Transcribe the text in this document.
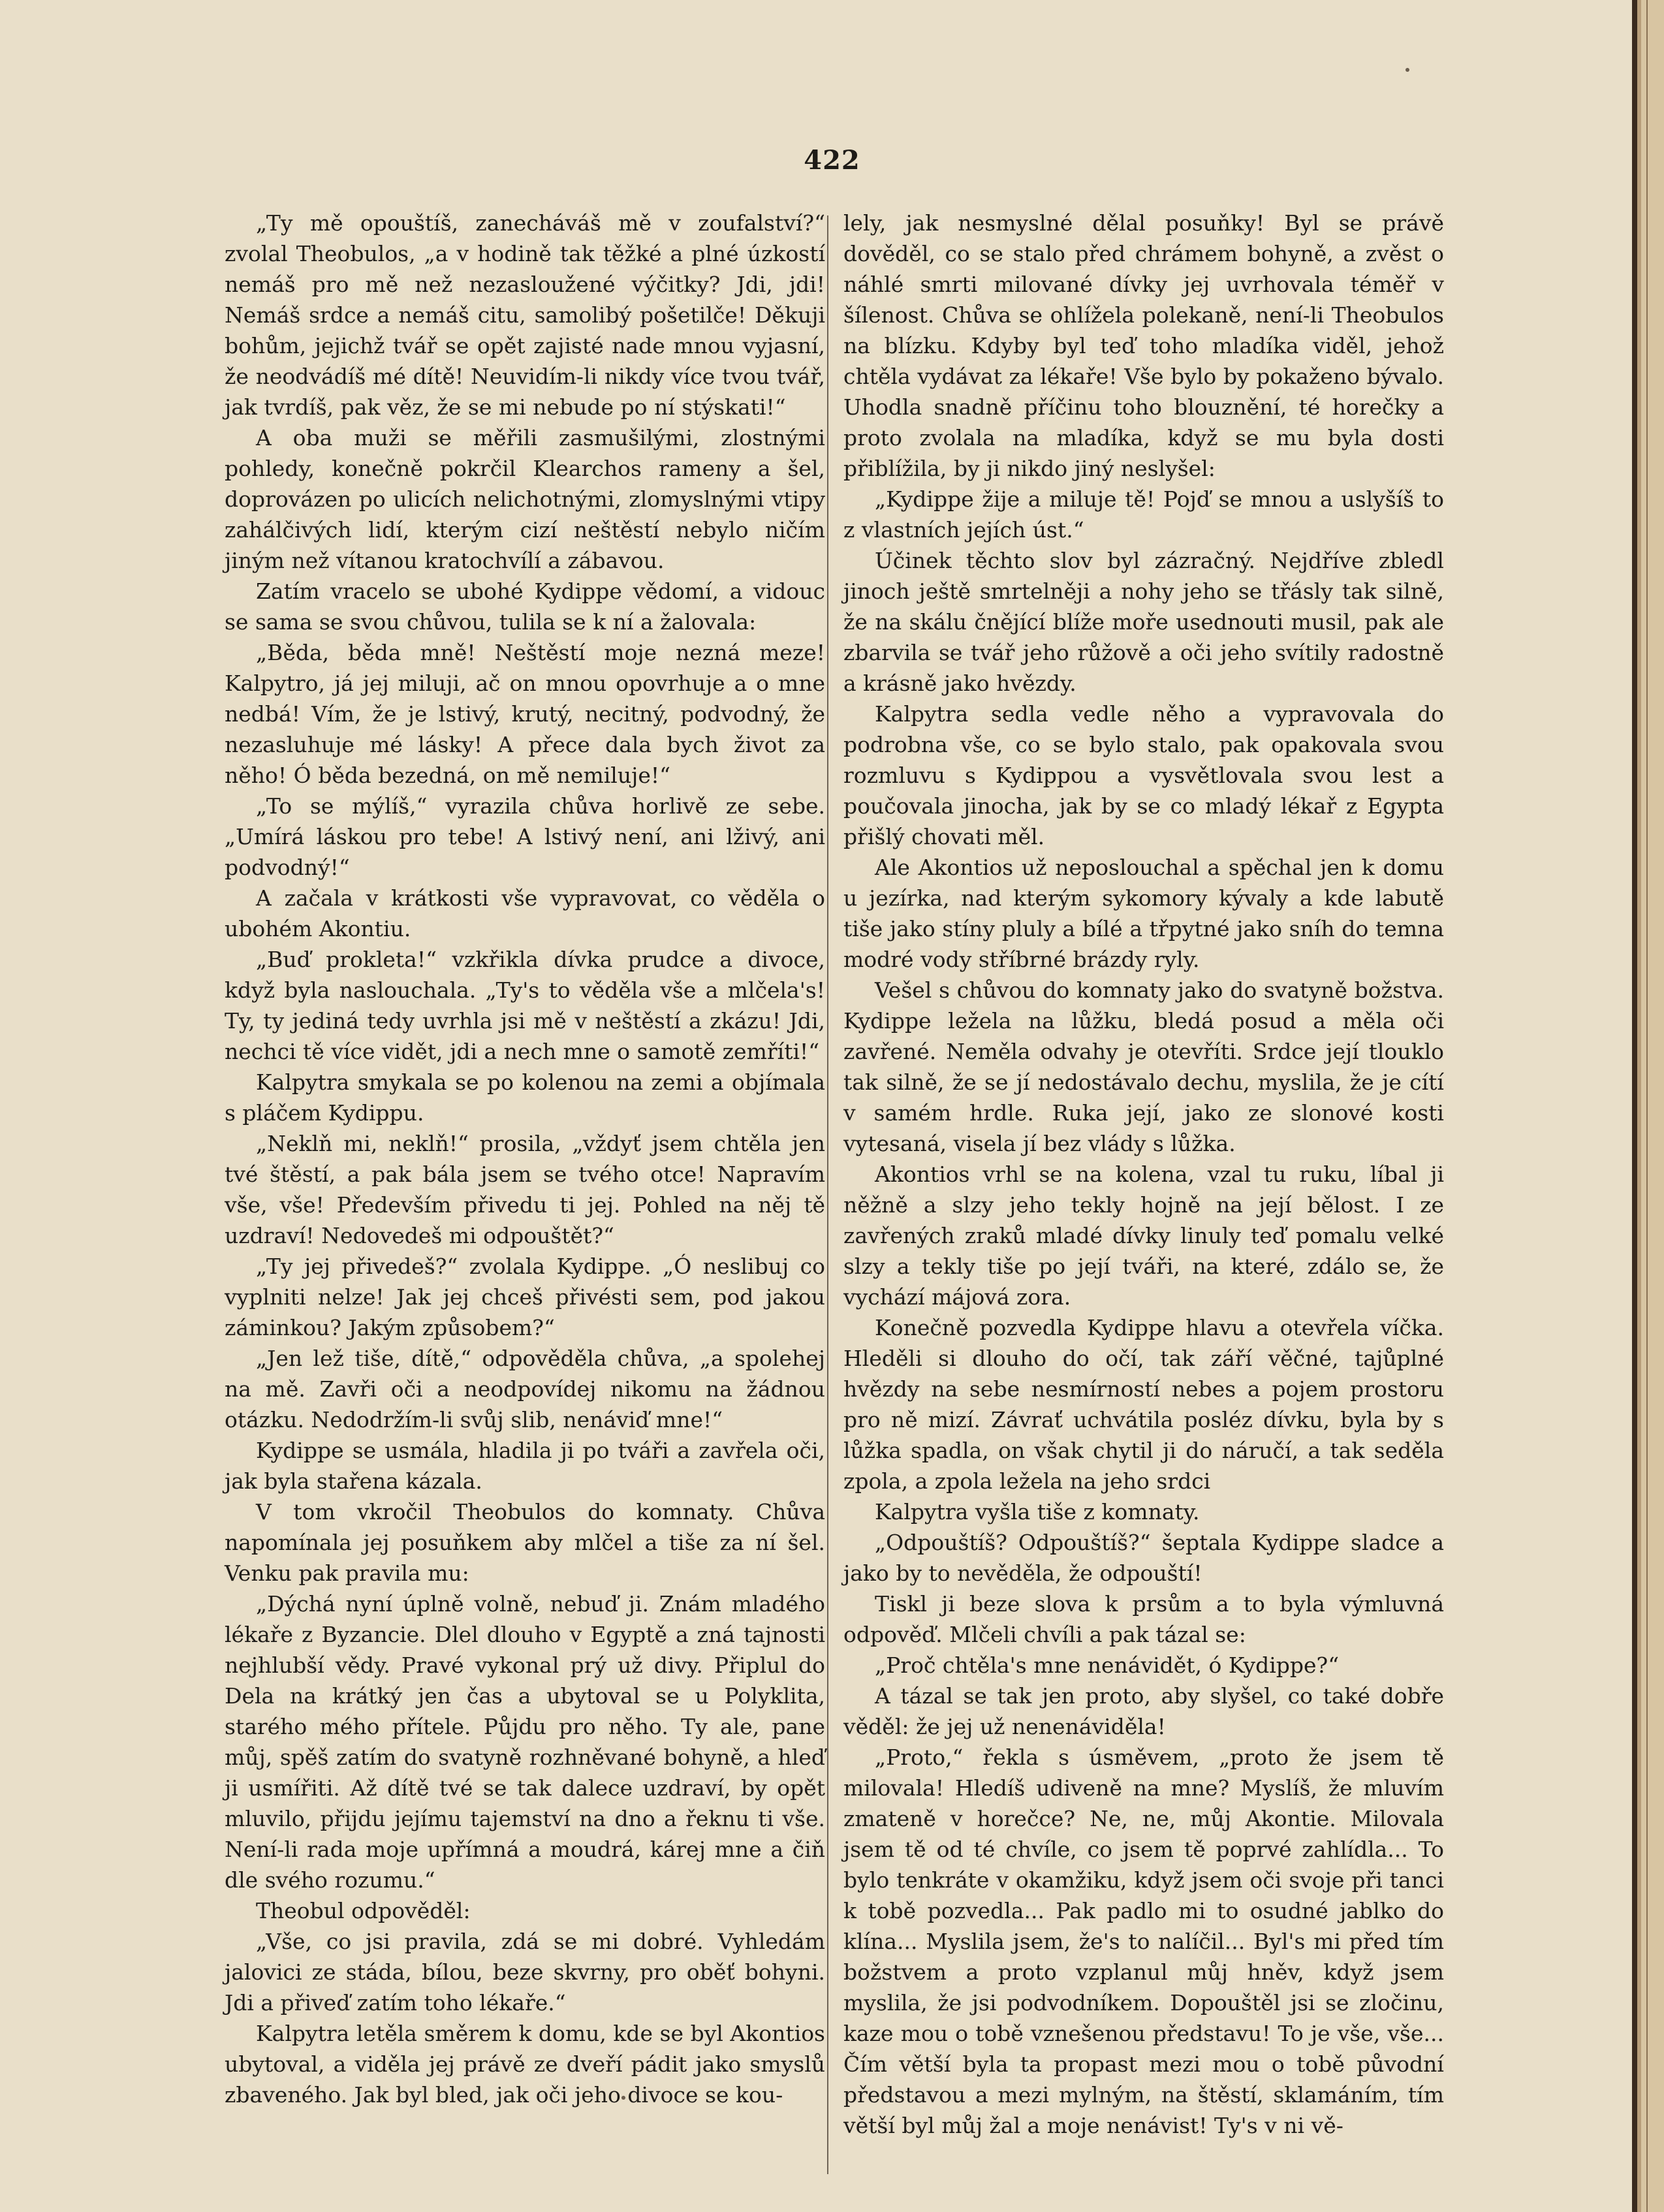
422

„Ty mě opouštíš, zanecháváš mě v zoufalství?“ zvolal Theobulos, „a v hodině tak těžké a plné úzkostí nemáš pro mě než nezasloužené výčitky? Jdi, jdi! Nemáš srdce a nemáš citu, samolibý pošetilče! Děkuji bohům, jejichž tvář se opět zajisté nade mnou vyjasní, že neodvádíš mé dítě! Neuvidím-li nikdy více tvou tvář, jak tvrdíš, pak věz, že se mi nebude po ní stýskati!“

A oba muži se měřili zasmušilými, zlostnými pohledy, konečně pokrčil Klearchos rameny a šel, doprovázen po ulicích nelichotnými, zlomyslnými vtipy zahálčivých lidí, kterým cizí neštěstí nebylo ničím jiným než vítanou kratochvílí a zábavou.

Zatím vracelo se ubohé Kydippe vědomí, a vidouc se sama se svou chůvou, tulila se k ní a žalovala:

„Běda, běda mně! Neštěstí moje nezná meze! Kalpytro, já jej miluji, ač on mnou opovrhuje a o mne nedbá! Vím, že je lstivý, krutý, necitný, podvodný, že nezasluhuje mé lásky! A přece dala bych život za něho! Ó běda bezedná, on mě nemiluje!“

„To se mýlíš,“ vyrazila chůva horlivě ze sebe. „Umírá láskou pro tebe! A lstivý není, ani lživý, ani podvodný!“

A začala v krátkosti vše vypravovat, co věděla o ubohém Akontiu.

„Buď prokleta!“ vzkřikla dívka prudce a divoce, když byla naslouchala. „Ty's to věděla vše a mlčela's! Ty, ty jediná tedy uvrhla jsi mě v neštěstí a zkázu! Jdi, nechci tě více vidět, jdi a nech mne o samotě zemříti!“

Kalpytra smykala se po kolenou na zemi a objímala s pláčem Kydippu.

„Neklň mi, neklň!“ prosila, „vždyť jsem chtěla jen tvé štěstí, a pak bála jsem se tvého otce! Napravím vše, vše! Především přivedu ti jej. Pohled na něj tě uzdraví! Nedovedeš mi odpouštět?“

„Ty jej přivedeš?“ zvolala Kydippe. „Ó neslibuj co vyplniti nelze! Jak jej chceš přivésti sem, pod jakou záminkou? Jakým způsobem?“

„Jen lež tiše, dítě,“ odpověděla chůva, „a spolehej na mě. Zavři oči a neodpovídej nikomu na žádnou otázku. Nedodržím-li svůj slib, nenáviď mne!“

Kydippe se usmála, hladila ji po tváři a zavřela oči, jak byla stařena kázala.

V tom vkročil Theobulos do komnaty. Chůva napomínala jej posuňkem aby mlčel a tiše za ní šel. Venku pak pravila mu:

„Dýchá nyní úplně volně, nebuď ji. Znám mladého lékaře z Byzancie. Dlel dlouho v Egyptě a zná tajnosti nejhlubší vědy. Pravé vykonal prý už divy. Připlul do Dela na krátký jen čas a ubytoval se u Polyklita, starého mého přítele. Půjdu pro něho. Ty ale, pane můj, spěš zatím do svatyně rozhněvané bohyně, a hleď ji usmířiti. Až dítě tvé se tak dalece uzdraví, by opět mluvilo, přijdu jejímu tajemství na dno a řeknu ti vše. Není-li rada moje upřímná a moudrá, kárej mne a čiň dle svého rozumu.“

Theobul odpověděl:

„Vše, co jsi pravila, zdá se mi dobré. Vyhledám jalovici ze stáda, bílou, beze skvrny, pro oběť bohyni. Jdi a přiveď zatím toho lékaře.“

Kalpytra letěla směrem k domu, kde se byl Akontios ubytoval, a viděla jej právě ze dveří pádit jako smyslů zbaveného. Jak byl bled, jak oči jeho divoce se kou-

lely, jak nesmyslné dělal posuňky! Byl se právě dověděl, co se stalo před chrámem bohyně, a zvěst o náhlé smrti milované dívky jej uvrhovala téměř v šílenost. Chůva se ohlížela polekaně, není-li Theobulos na blízku. Kdyby byl teď toho mladíka viděl, jehož chtěla vydávat za lékaře! Vše bylo by pokaženo bývalo. Uhodla snadně příčinu toho blouznění, té horečky a proto zvolala na mladíka, když se mu byla dosti přiblížila, by ji nikdo jiný neslyšel:

„Kydippe žije a miluje tě! Pojď se mnou a uslyšíš to z vlastních jejích úst.“

Účinek těchto slov byl zázračný. Nejdříve zbledl jinoch ještě smrtelněji a nohy jeho se třásly tak silně, že na skálu čnějící blíže moře usednouti musil, pak ale zbarvila se tvář jeho růžově a oči jeho svítily radostně a krásně jako hvězdy.

Kalpytra sedla vedle něho a vypravovala do podrobna vše, co se bylo stalo, pak opakovala svou rozmluvu s Kydippou a vysvětlovala svou lest a poučovala jinocha, jak by se co mladý lékař z Egypta přišlý chovati měl.

Ale Akontios už neposlouchal a spěchal jen k domu u jezírka, nad kterým sykomory kývaly a kde labutě tiše jako stíny pluly a bílé a třpytné jako sníh do temna modré vody stříbrné brázdy ryly.

Vešel s chůvou do komnaty jako do svatyně božstva. Kydippe ležela na lůžku, bledá posud a měla oči zavřené. Neměla odvahy je otevříti. Srdce její tlouklo tak silně, že se jí nedostávalo dechu, myslila, že je cítí v samém hrdle. Ruka její, jako ze slonové kosti vytesaná, visela jí bez vlády s lůžka.

Akontios vrhl se na kolena, vzal tu ruku, líbal ji něžně a slzy jeho tekly hojně na její bělost. I ze zavřených zraků mladé dívky linuly teď pomalu velké slzy a tekly tiše po její tváři, na které, zdálo se, že vychází májová zora.

Konečně pozvedla Kydippe hlavu a otevřela víčka. Hleděli si dlouho do očí, tak září věčné, tajůplné hvězdy na sebe nesmírností nebes a pojem prostoru pro ně mizí. Závrať uchvátila posléz dívku, byla by s lůžka spadla, on však chytil ji do náručí, a tak seděla zpola, a zpola ležela na jeho srdci

Kalpytra vyšla tiše z komnaty.

„Odpouštíš? Odpouštíš?“ šeptala Kydippe sladce a jako by to nevěděla, že odpouští!

Tiskl ji beze slova k prsům a to byla výmluvná odpověď. Mlčeli chvíli a pak tázal se:

„Proč chtěla's mne nenávidět, ó Kydippe?“

A tázal se tak jen proto, aby slyšel, co také dobře věděl: že jej už nenenáviděla!

„Proto,“ řekla s úsměvem, „proto že jsem tě milovala! Hledíš udiveně na mne? Myslíš, že mluvím zmateně v horečce? Ne, ne, můj Akontie. Milovala jsem tě od té chvíle, co jsem tě poprvé zahlídla... To bylo tenkráte v okamžiku, když jsem oči svoje při tanci k tobě pozvedla... Pak padlo mi to osudné jablko do klína... Myslila jsem, že's to nalíčil... Byl's mi před tím božstvem a proto vzplanul můj hněv, když jsem myslila, že jsi podvodníkem. Dopouštěl jsi se zločinu, kaze mou o tobě vznešenou představu! To je vše, vše... Čím větší byla ta propast mezi mou o tobě původní představou a mezi mylným, na štěstí, sklamáním, tím větší byl můj žal a moje nenávist! Ty's v ni vě-
